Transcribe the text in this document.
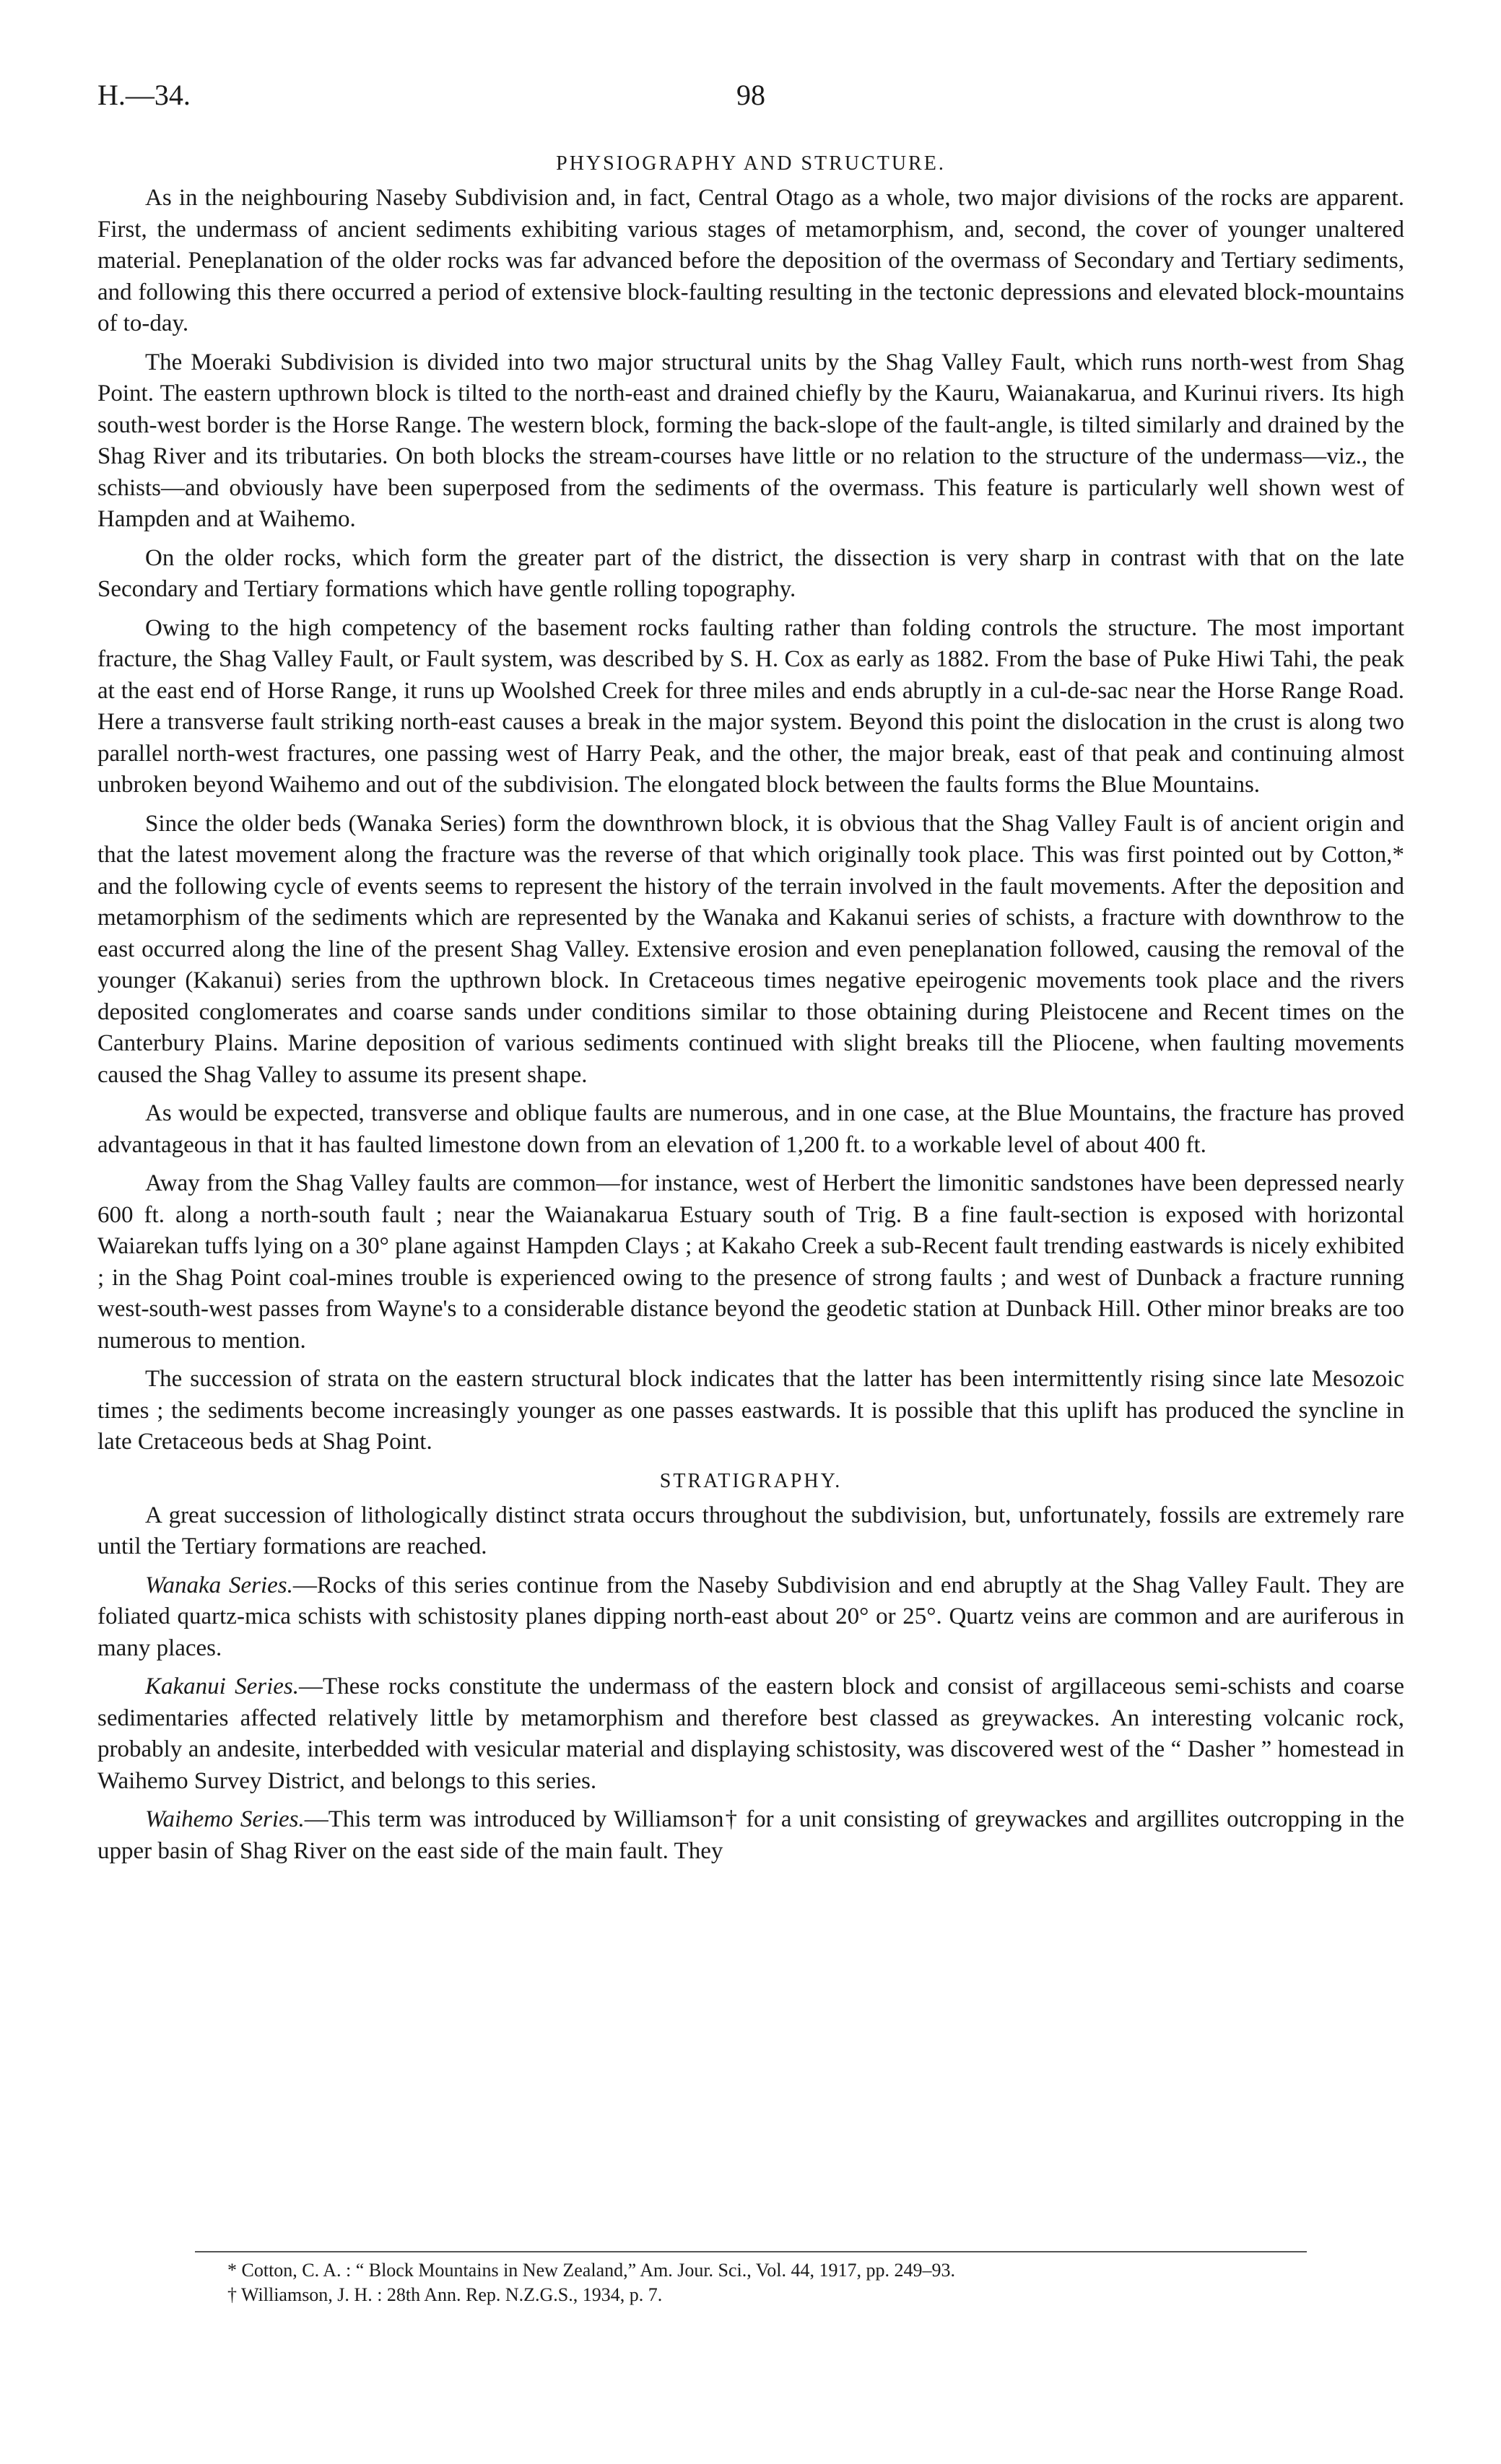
H.—34.	98
PHYSIOGRAPHY AND STRUCTURE.

As in the neighbouring Naseby Subdivision and, in fact, Central Otago as a whole, two major divisions of the rocks are apparent. First, the undermass of ancient sediments exhibiting various stages of metamorphism, and, second, the cover of younger unaltered material. Peneplanation of the older rocks was far advanced before the deposition of the overmass of Secondary and Tertiary sediments, and following this there occurred a period of extensive block-faulting resulting in the tectonic depressions and elevated block-mountains of to-day.

The Moeraki Subdivision is divided into two major structural units by the Shag Valley Fault, which runs north-west from Shag Point. The eastern upthrown block is tilted to the north-east and drained chiefly by the Kauru, Waianakarua, and Kurinui rivers. Its high south-west border is the Horse Range. The western block, forming the back-slope of the fault-angle, is tilted similarly and drained by the Shag River and its tributaries. On both blocks the stream-courses have little or no relation to the structure of the undermass—viz., the schists—and obviously have been superposed from the sediments of the overmass. This feature is particularly well shown west of Hampden and at Waihemo.

On the older rocks, which form the greater part of the district, the dissection is very sharp in contrast with that on the late Secondary and Tertiary formations which have gentle rolling topography.

Owing to the high competency of the basement rocks faulting rather than folding controls the structure. The most important fracture, the Shag Valley Fault, or Fault system, was described by S. H. Cox as early as 1882. From the base of Puke Hiwi Tahi, the peak at the east end of Horse Range, it runs up Woolshed Creek for three miles and ends abruptly in a cul-de-sac near the Horse Range Road. Here a transverse fault striking north-east causes a break in the major system. Beyond this point the dislocation in the crust is along two parallel north-west fractures, one passing west of Harry Peak, and the other, the major break, east of that peak and continuing almost unbroken beyond Waihemo and out of the subdivision. The elongated block between the faults forms the Blue Mountains.

Since the older beds (Wanaka Series) form the downthrown block, it is obvious that the Shag Valley Fault is of ancient origin and that the latest movement along the fracture was the reverse of that which originally took place. This was first pointed out by Cotton,* and the following cycle of events seems to represent the history of the terrain involved in the fault movements. After the deposition and metamorphism of the sediments which are represented by the Wanaka and Kakanui series of schists, a fracture with downthrow to the east occurred along the line of the present Shag Valley. Extensive erosion and even peneplanation followed, causing the removal of the younger (Kakanui) series from the upthrown block. In Cretaceous times negative epeirogenic movements took place and the rivers deposited conglomerates and coarse sands under conditions similar to those obtaining during Pleistocene and Recent times on the Canterbury Plains. Marine deposition of various sediments continued with slight breaks till the Pliocene, when faulting movements caused the Shag Valley to assume its present shape.

As would be expected, transverse and oblique faults are numerous, and in one case, at the Blue Mountains, the fracture has proved advantageous in that it has faulted limestone down from an elevation of 1,200 ft. to a workable level of about 400 ft.

Away from the Shag Valley faults are common—for instance, west of Herbert the limonitic sandstones have been depressed nearly 600 ft. along a north-south fault ; near the Waianakarua Estuary south of Trig. B a fine fault-section is exposed with horizontal Waiarekan tuffs lying on a 30° plane against Hampden Clays ; at Kakaho Creek a sub-Recent fault trending eastwards is nicely exhibited ; in the Shag Point coal-mines trouble is experienced owing to the presence of strong faults ; and west of Dunback a fracture running west-south-west passes from Wayne's to a considerable distance beyond the geodetic station at Dunback Hill. Other minor breaks are too numerous to mention.

The succession of strata on the eastern structural block indicates that the latter has been intermittently rising since late Mesozoic times ; the sediments become increasingly younger as one passes eastwards. It is possible that this uplift has produced the syncline in late Cretaceous beds at Shag Point.

STRATIGRAPHY.

A great succession of lithologically distinct strata occurs throughout the subdivision, but, unfortunately, fossils are extremely rare until the Tertiary formations are reached.

Wanaka Series.—Rocks of this series continue from the Naseby Subdivision and end abruptly at the Shag Valley Fault. They are foliated quartz-mica schists with schistosity planes dipping north-east about 20° or 25°. Quartz veins are common and are auriferous in many places.

Kakanui Series.—These rocks constitute the undermass of the eastern block and consist of argillaceous semi-schists and coarse sedimentaries affected relatively little by metamorphism and therefore best classed as greywackes. An interesting volcanic rock, probably an andesite, interbedded with vesicular material and displaying schistosity, was discovered west of the “ Dasher ” homestead in Waihemo Survey District, and belongs to this series.

Waihemo Series.—This term was introduced by Williamson† for a unit consisting of greywackes and argillites outcropping in the upper basin of Shag River on the east side of the main fault. They

* Cotton, C. A. : “ Block Mountains in New Zealand,” Am. Jour. Sci., Vol. 44, 1917, pp. 249–93.
† Williamson, J. H. : 28th Ann. Rep. N.Z.G.S., 1934, p. 7.
